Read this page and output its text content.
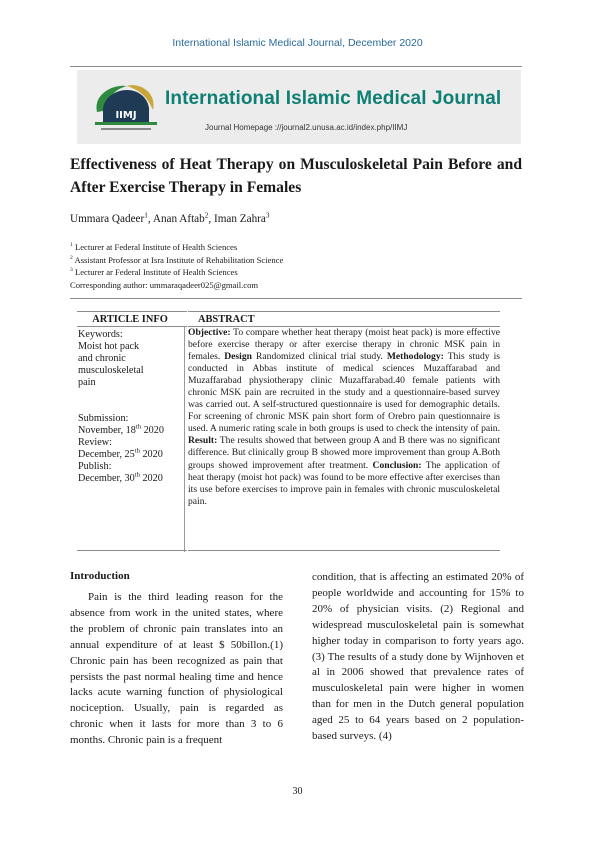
International Islamic Medical Journal, December 2020
IIMJ
International Islamic Medical Journal
Journal Homepage ://journal2.unusa.ac.id/index.php/IIMJ
Effectiveness of Heat Therapy on Musculoskeletal Pain Before and After Exercise Therapy in Females
Ummara Qadeer$^1$, Anan Aftab$^2$, Iman Zahra$^3$
$^1$ Lecturer at Federal Institute of Health Sciences
$^2$ Assistant Professor at Isra Institute of Rehabilitation Science
$^3$ Lecturer ar Federal Institute of Health Sciences
Corresponding author: ummaraqadeer025@gmail.com
ARTICLE INFO	ABSTRACT
Keywords:
Moist hot pack
and chronic
musculoskeletal
pain
Submission:
November, 18th 2020
Review:
December, 25th 2020
Publish:
December, 30th 2020
Objective: To compare whether heat therapy (moist heat pack) is more effective before exercise therapy or after exercise therapy in chronic MSK pain in females. Design Randomized clinical trial study. Methodology: This study is conducted in Abbas institute of medical sciences Muzaffarabad and Muzaffarabad physiotherapy clinic Muzaffarabad.40 female patients with chronic MSK pain are recruited in the study and a questionnaire-based survey was carried out. A self-structured questionnaire is used for demographic details. For screening of chronic MSK pain short form of Orebro pain questionnaire is used. A numeric rating scale in both groups is used to check the intensity of pain. Result: The results showed that between group A and B there was no significant difference. But clinically group B showed more improvement than group A.Both groups showed improvement after treatment. Conclusion: The application of heat therapy (moist hot pack) was found to be more effective after exercises than its use before exercises to improve pain in females with chronic musculoskeletal pain.
Introduction

Pain is the third leading reason for the absence from work in the united states, where the problem of chronic pain translates into an annual expenditure of at least $ 50billon.(1) Chronic pain has been recognized as pain that persists the past normal healing time and hence lacks acute warning function of physiological nociception. Usually, pain is regarded as chronic when it lasts for more than 3 to 6 months. Chronic pain is a frequent

condition, that is affecting an estimated 20% of people worldwide and accounting for 15% to 20% of physician visits. (2) Regional and widespread musculoskeletal pain is somewhat higher today in comparison to forty years ago. (3) The results of a study done by Wijnhoven et al in 2006 showed that prevalence rates of musculoskeletal pain were higher in women than for men in the Dutch general population aged 25 to 64 years based on 2 population-based surveys. (4)

30
